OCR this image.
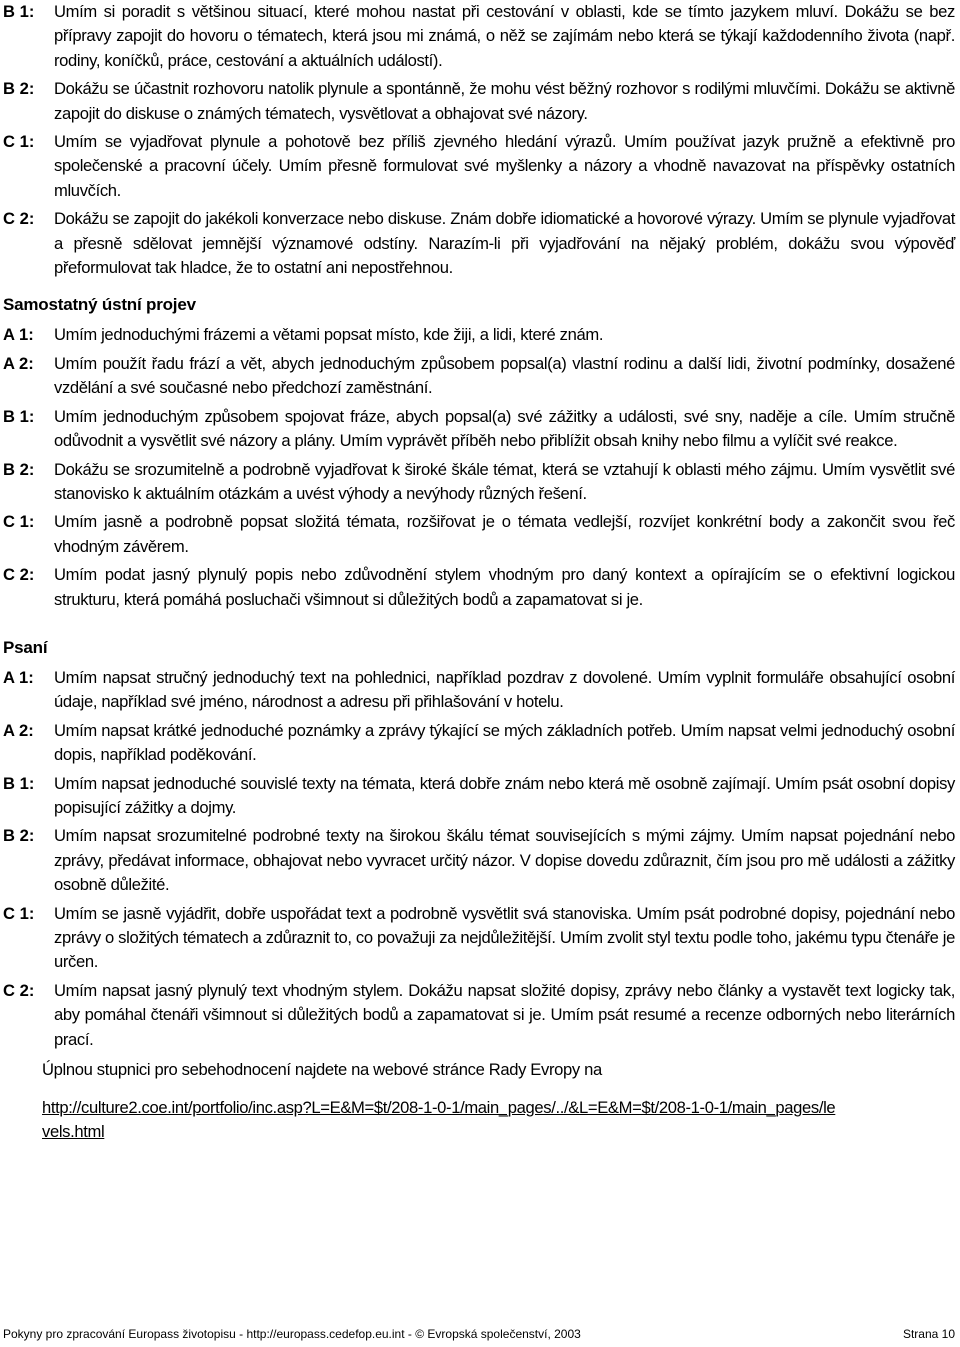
B 1: Umím si poradit s většinou situací, které mohou nastat při cestování v oblasti, kde se tímto jazykem mluví. Dokážu se bez přípravy zapojit do hovoru o tématech, která jsou mi známá, o něž se zajímám nebo která se týkají každodenního života (např. rodiny, koníčků, práce, cestování a aktuálních událostí).
B 2: Dokážu se účastnit rozhovoru natolik plynule a spontánně, že mohu vést běžný rozhovor s rodilými mluvčími. Dokážu se aktivně zapojit do diskuse o známých tématech, vysvětlovat a obhajovat své názory.
C 1: Umím se vyjadřovat plynule a pohotově bez příliš zjevného hledání výrazů. Umím používat jazyk pružně a efektivně pro společenské a pracovní účely. Umím přesně formulovat své myšlenky a názory a vhodně navazovat na příspěvky ostatních mluvčích.
C 2: Dokážu se zapojit do jakékoli konverzace nebo diskuse. Znám dobře idiomatické a hovorové výrazy. Umím se plynule vyjadřovat a přesně sdělovat jemnější významové odstíny. Narazím-li při vyjadřování na nějaký problém, dokážu svou výpověď přeformulovat tak hladce, že to ostatní ani nepostřehnou.
Samostatný ústní projev
A 1: Umím jednoduchými frázemi a větami popsat místo, kde žiji, a lidi, které znám.
A 2: Umím použít řadu frází a vět, abych jednoduchým způsobem popsal(a) vlastní rodinu a další lidi, životní podmínky, dosažené vzdělání a své současné nebo předchozí zaměstnání.
B 1: Umím jednoduchým způsobem spojovat fráze, abych popsal(a) své zážitky a události, své sny, naděje a cíle. Umím stručně odůvodnit a vysvětlit své názory a plány. Umím vyprávět příběh nebo přiblížit obsah knihy nebo filmu a vylíčit své reakce.
B 2: Dokážu se srozumitelně a podrobně vyjadřovat k široké škále témat, která se vztahují k oblasti mého zájmu. Umím vysvětlit své stanovisko k aktuálním otázkám a uvést výhody a nevýhody různých řešení.
C 1: Umím jasně a podrobně popsat složitá témata, rozšiřovat je o témata vedlejší, rozvíjet konkrétní body a zakončit svou řeč vhodným závěrem.
C 2: Umím podat jasný plynulý popis nebo zdůvodnění stylem vhodným pro daný kontext a opírajícím se o efektivní logickou strukturu, která pomáhá posluchači všimnout si důležitých bodů a zapamatovat si je.
Psaní
A 1: Umím napsat stručný jednoduchý text na pohlednici, například pozdrav z dovolené. Umím vyplnit formuláře obsahující osobní údaje, například své jméno, národnost a adresu při přihlašování v hotelu.
A 2: Umím napsat krátké jednoduché poznámky a zprávy týkající se mých základních potřeb. Umím napsat velmi jednoduchý osobní dopis, například poděkování.
B 1: Umím napsat jednoduché souvislé texty na témata, která dobře znám nebo která mě osobně zajímají. Umím psát osobní dopisy popisující zážitky a dojmy.
B 2: Umím napsat srozumitelné podrobné texty na širokou škálu témat souvisejících s mými zájmy. Umím napsat pojednání nebo zprávy, předávat informace, obhajovat nebo vyvracet určitý názor. V dopise dovedu zdůraznit, čím jsou pro mě události a zážitky osobně důležité.
C 1: Umím se jasně vyjádřit, dobře uspořádat text a podrobně vysvětlit svá stanoviska. Umím psát podrobné dopisy, pojednání nebo zprávy o složitých tématech a zdůraznit to, co považuji za nejdůležitější. Umím zvolit styl textu podle toho, jakému typu čtenáře je určen.
C 2: Umím napsat jasný plynulý text vhodným stylem. Dokážu napsat složité dopisy, zprávy nebo články a vystavět text logicky tak, aby pomáhal čtenáři všimnout si důležitých bodů a zapamatovat si je. Umím psát resumé a recenze odborných nebo literárních prací.
Úplnou stupnici pro sebehodnocení najdete na webové stránce Rady Evropy na
http://culture2.coe.int/portfolio/inc.asp?L=E&M=$t/208-1-0-1/main_pages/../&L=E&M=$t/208-1-0-1/main_pages/levels.html
Pokyny pro zpracování Europass životopisu - http://europass.cedefop.eu.int - © Evropská společenství, 2003	Strana 10
